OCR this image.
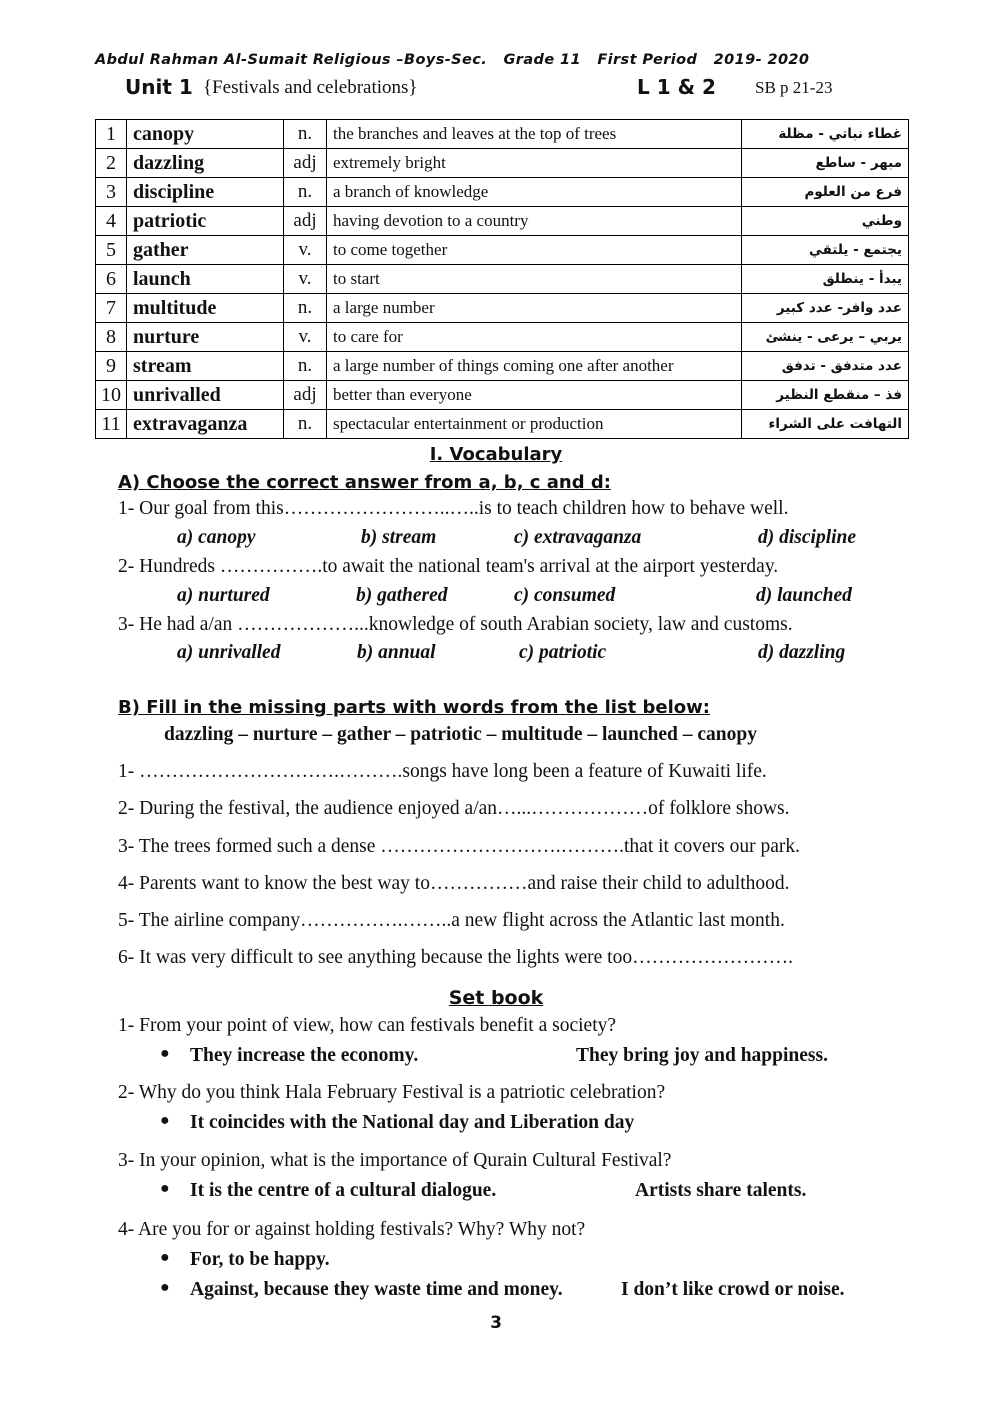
Abdul Rahman Al-Sumait Religious –Boys-Sec.   Grade 11   First Period   2019- 2020
Unit 1 {Festivals and celebrations}	L 1 & 2 SB p 21-23
1	canopy	n.	the branches and leaves at the top of trees	غطاء نباتي - مظلة
2	dazzling	adj	extremely bright	مبهر - ساطع
3	discipline	n.	a branch of knowledge	فرع من العلوم
4	patriotic	adj	having devotion to a country	وطني
5	gather	v.	to come together	يجتمع - يلتقي
6	launch	v.	to start	يبدأ - ينطلق
7	multitude	n.	a large number	عدد وافر- عدد كبير
8	nurture	v.	to care for	يربي – يرعى - ينشئ
9	stream	n.	a large number of things coming one after another	عدد متدفق - تدفق
10	unrivalled	adj	better than everyone	فذ – منقطع النظير
11	extravaganza	n.	spectacular entertainment or production	التهافت على الشراء
I. Vocabulary
A) Choose the correct answer from a, b, c and d:
1- Our goal from this……………………..…..is to teach children how to behave well.
a) canopy	b) stream	c) extravaganza	d) discipline
2- Hundreds …………….to await the national team's arrival at the airport yesterday.
a) nurtured	b) gathered	c) consumed	d) launched
3- He had a/an ………………...knowledge of south Arabian society, law and customs.
a) unrivalled	b) annual	c) patriotic	d) dazzling
B) Fill in the missing parts with words from the list below:
dazzling – nurture – gather – patriotic – multitude – launched – canopy
1- ………………………….……….songs have long been a feature of Kuwaiti life.
2- During the festival, the audience enjoyed a/an…...………………of folklore shows.
3- The trees formed such a dense ……………………….……….that it covers our park.
4- Parents want to know the best way to……………and raise their child to adulthood.
5- The airline company…………….……..a new flight across the Atlantic last month.
6- It was very difficult to see anything because the lights were too…………………….
Set book
1- From your point of view, how can festivals benefit a society?
● They increase the economy.	They bring joy and happiness.
2- Why do you think Hala February Festival is a patriotic celebration?
● It coincides with the National day and Liberation day
3- In your opinion, what is the importance of Qurain Cultural Festival?
● It is the centre of a cultural dialogue.	Artists share talents.
4- Are you for or against holding festivals? Why? Why not?
● For, to be happy.
● Against, because they waste time and money.	I don’t like crowd or noise.
3
